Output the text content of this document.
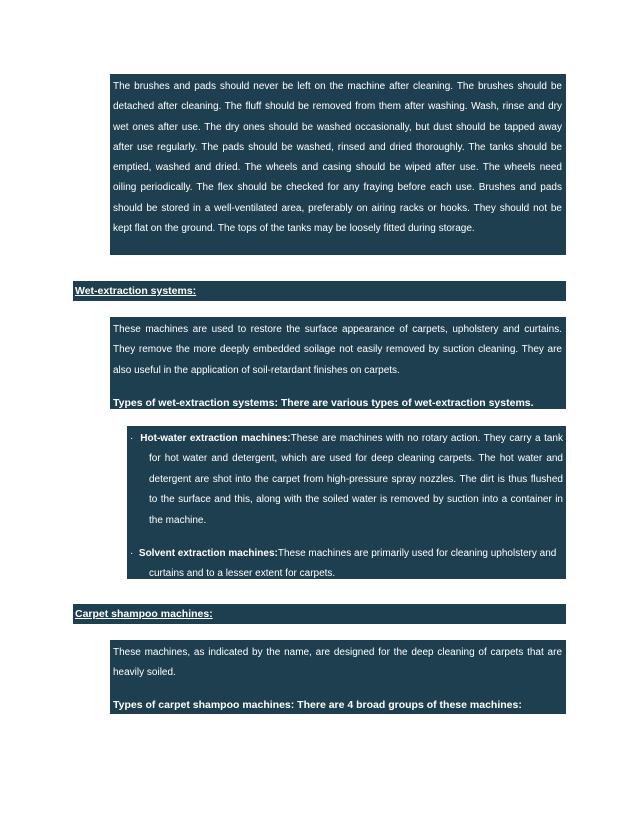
The brushes and pads should never be left on the machine after cleaning. The brushes should be detached after cleaning. The fluff should be removed from them after washing. Wash, rinse and dry wet ones after use. The dry ones should be washed occasionally, but dust should be tapped away after use regularly. The pads should be washed, rinsed and dried thoroughly. The tanks should be emptied, washed and dried. The wheels and casing should be wiped after use. The wheels need oiling periodically. The flex should be checked for any fraying before each use. Brushes and pads should be stored in a well-ventilated area, preferably on airing racks or hooks. They should not be kept flat on the ground. The tops of the tanks may be loosely fitted during storage.

Wet-extraction systems:

These machines are used to restore the surface appearance of carpets, upholstery and curtains. They remove the more deeply embedded soilage not easily removed by suction cleaning. They are also useful in the application of soil-retardant finishes on carpets.

Types of wet-extraction systems: There are various types of wet-extraction systems.

· Hot-water extraction machines:These are machines with no rotary action. They carry a tank for hot water and detergent, which are used for deep cleaning carpets. The hot water and detergent are shot into the carpet from high-pressure spray nozzles. The dirt is thus flushed to the surface and this, along with the soiled water is removed by suction into a container in the machine.

· Solvent extraction machines:These machines are primarily used for cleaning upholstery and curtains and to a lesser extent for carpets.

Carpet shampoo machines:

These machines, as indicated by the name, are designed for the deep cleaning of carpets that are heavily soiled.

Types of carpet shampoo machines: There are 4 broad groups of these machines:
